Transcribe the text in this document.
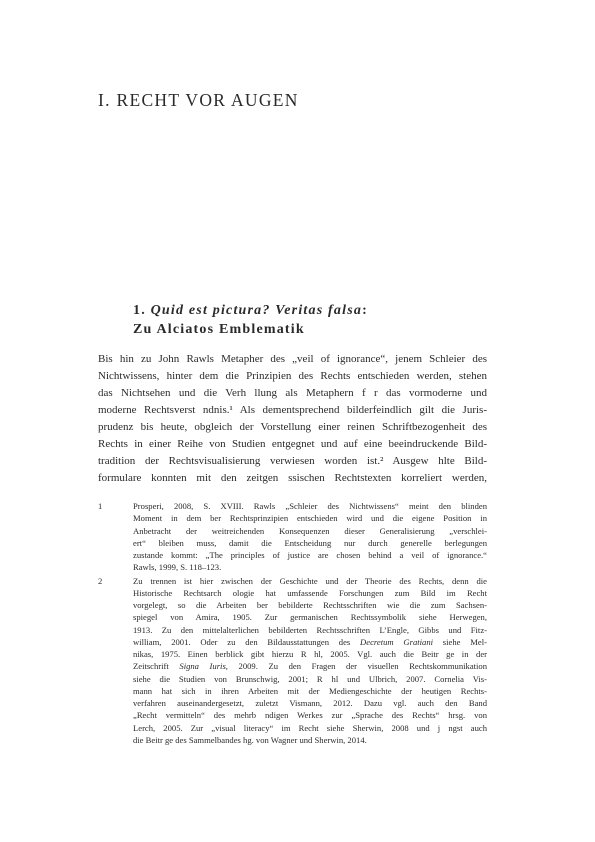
I. RECHT VOR AUGEN
1. Quid est pictura? Veritas falsa:
Zu Alciatos Emblematik
Bis hin zu John Rawls Metapher des „veil of ignorance“, jenem Schleier des
Nichtwissens, hinter dem die Prinzipien des Rechts entschieden werden, stehen
das Nichtsehen und die Verh llung als Metaphern f r das vormoderne und
moderne Rechtsverst ndnis.¹ Als dementsprechend bilderfeindlich gilt die Juris-
prudenz bis heute, obgleich der Vorstellung einer reinen Schriftbezogenheit des
Rechts in einer Reihe von Studien entgegnet und auf eine beeindruckende Bild-
tradition der Rechtsvisualisierung verwiesen worden ist.² Ausgew hlte Bild-
formulare konnten mit den zeitgen ssischen Rechtstexten korreliert werden,
1	Prosperi, 2008, S. XVIII. Rawls „Schleier des Nichtwissens“ meint den blinden
Moment in dem ber Rechtsprinzipien entschieden wird und die eigene Position in
Anbetracht der weitreichenden Konsequenzen dieser Generalisierung „verschlei-
ert“ bleiben muss, damit die Entscheidung nur durch generelle berlegungen
zustande kommt: „The principles of justice are chosen behind a veil of ignorance.“
Rawls, 1999, S. 118–123.
2	Zu trennen ist hier zwischen der Geschichte und der Theorie des Rechts, denn die
Historische Rechtsarch ologie hat umfassende Forschungen zum Bild im Recht
vorgelegt, so die Arbeiten ber bebilderte Rechtsschriften wie die zum Sachsen-
spiegel von Amira, 1905. Zur germanischen Rechtssymbolik siehe Herwegen,
1913. Zu den mittelalterlichen bebilderten Rechtsschriften L’Engle, Gibbs und Fitz-
william, 2001. Oder zu den Bildausstattungen des Decretum Gratiani siehe Mel-
nikas, 1975. Einen berblick gibt hierzu R hl, 2005. Vgl. auch die Beitr ge in der
Zeitschrift Signa Iuris, 2009. Zu den Fragen der visuellen Rechtskommunikation
siehe die Studien von Brunschwig, 2001; R hl und Ulbrich, 2007. Cornelia Vis-
mann hat sich in ihren Arbeiten mit der Mediengeschichte der heutigen Rechts-
verfahren auseinandergesetzt, zuletzt Vismann, 2012. Dazu vgl. auch den Band
„Recht vermitteln“ des mehrb ndigen Werkes zur „Sprache des Rechts“ hrsg. von
Lerch, 2005. Zur „visual literacy“ im Recht siehe Sherwin, 2008 und j ngst auch
die Beitr ge des Sammelbandes hg. von Wagner und Sherwin, 2014.
